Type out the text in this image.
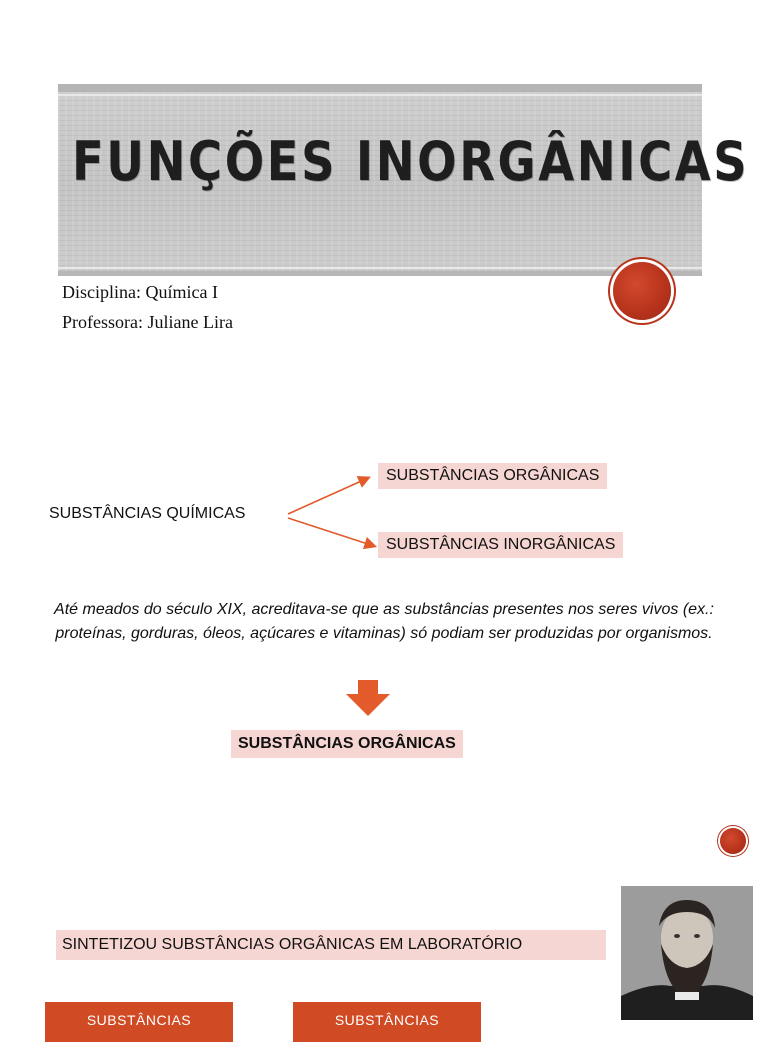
FUNÇÕES INORGÂNICAS
Disciplina: Química I
Professora: Juliane Lira
SUBSTÂNCIAS QUÍMICAS
SUBSTÂNCIAS ORGÂNICAS
SUBSTÂNCIAS INORGÂNICAS
Até meados do século XIX, acreditava-se que as substâncias presentes nos seres vivos (ex.: proteínas, gorduras, óleos, açúcares e vitaminas) só podiam ser produzidas por organismos.
SUBSTÂNCIAS ORGÂNICAS
SINTETIZOU SUBSTÂNCIAS ORGÂNICAS EM LABORATÓRIO
SUBSTÂNCIAS	SUBSTÂNCIAS
